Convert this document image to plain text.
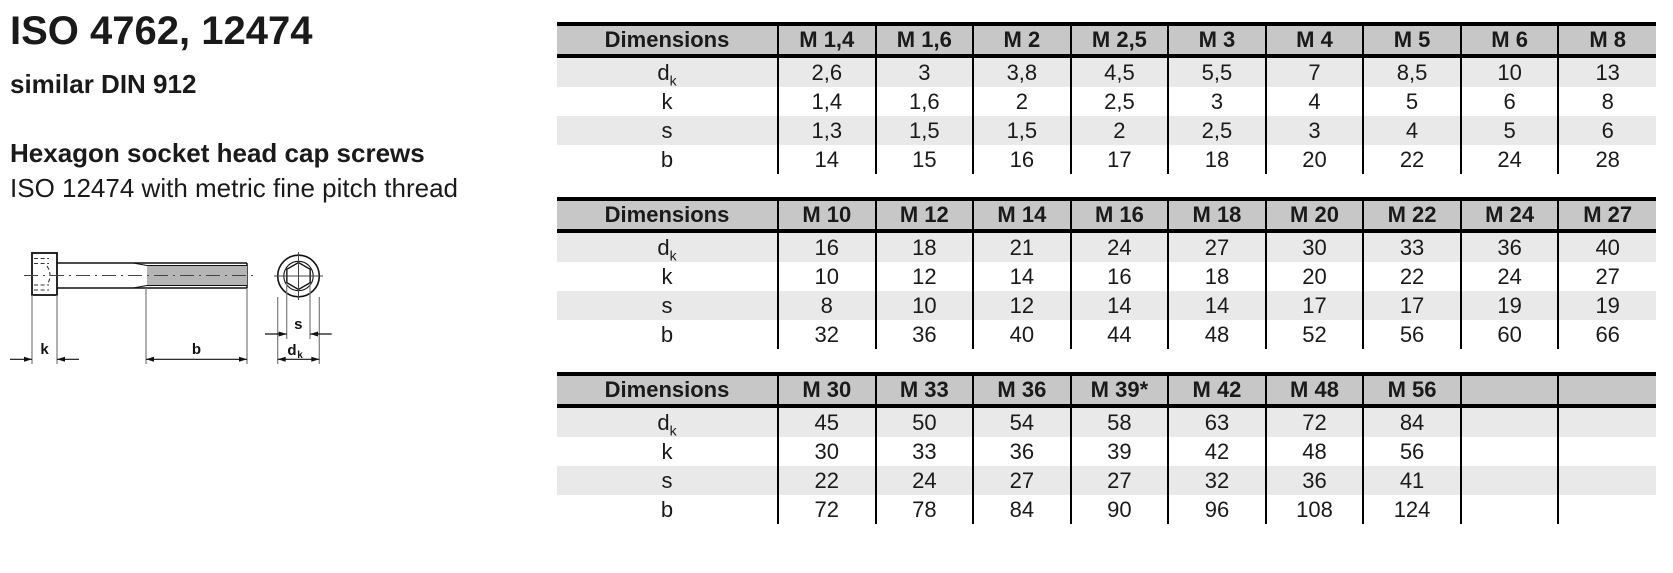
ISO 4762, 12474
similar DIN 912
Hexagon socket head cap screws
ISO 12474 with metric fine pitch thread
k	b
s
d k
Dimensions	M 1,4	M 1,6	M 2	M 2,5	M 3	M 4	M 5	M 6	M 8
$d_k$	2,6	3	3,8	4,5	5,5	7	8,5	10	13
k	1,4	1,6	2	2,5	3	4	5	6	8
s	1,3	1,5	1,5	2	2,5	3	4	5	6
b	14	15	16	17	18	20	22	24	28
Dimensions	M 10	M 12	M 14	M 16	M 18	M 20	M 22	M 24	M 27
$d_k$	16	18	21	24	27	30	33	36	40
k	10	12	14	16	18	20	22	24	27
s	8	10	12	14	14	17	17	19	19
b	32	36	40	44	48	52	56	60	66
Dimensions	M 30	M 33	M 36	M 39*	M 42	M 48	M 56		
$d_k$	45	50	54	58	63	72	84		
k	30	33	36	39	42	48	56		
s	22	24	27	27	32	36	41		
b	72	78	84	90	96	108	124		
